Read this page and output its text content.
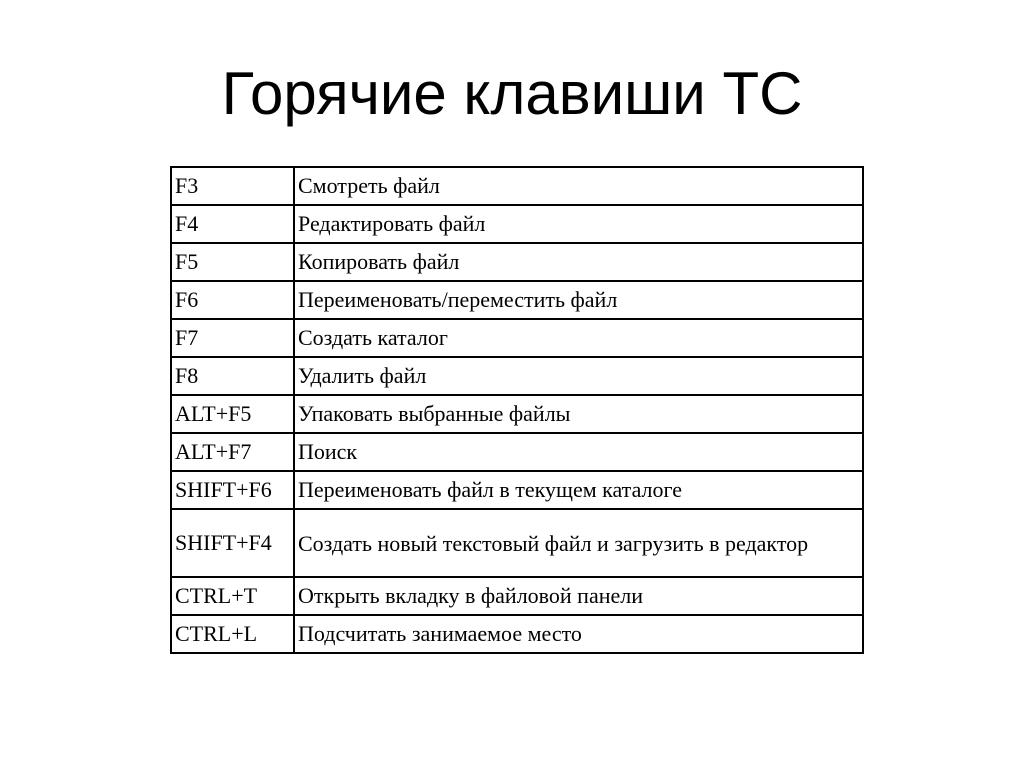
Горячие клавиши ТС
F3	Смотреть файл
F4	Редактировать файл
F5	Копировать файл
F6	Переименовать/переместить файл
F7	Создать каталог
F8	Удалить файл
ALT+F5	Упаковать выбранные файлы
ALT+F7	Поиск
SHIFT+F6	Переименовать файл в текущем каталоге
SHIFT+F4	Создать новый текстовый файл и загрузить в редактор
CTRL+T	Открыть вкладку в файловой панели
CTRL+L	Подсчитать занимаемое место
